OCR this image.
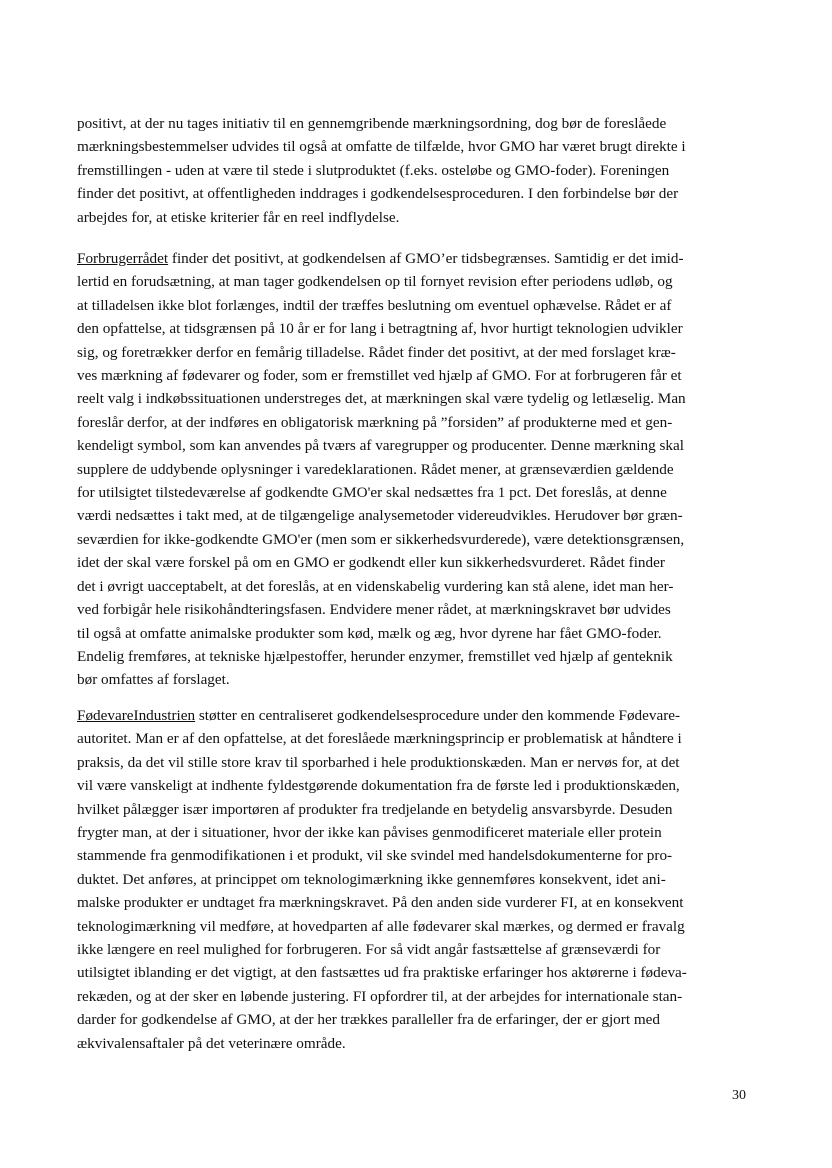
positivt, at der nu tages initiativ til en gennemgribende mærkningsordning, dog bør de foreslåede
mærkningsbestemmelser udvides til også at omfatte de tilfælde, hvor GMO har været brugt direkte i
fremstillingen - uden at være til stede i slutproduktet (f.eks. osteløbe og GMO-foder). Foreningen
finder det positivt, at offentligheden inddrages i godkendelsesproceduren. I den forbindelse bør der
arbejdes for, at etiske kriterier får en reel indflydelse.
Forbrugerrådet finder det positivt, at godkendelsen af GMO’er tidsbegrænses. Samtidig er det imid-
lertid en forudsætning, at man tager godkendelsen op til fornyet revision efter periodens udløb, og
at tilladelsen ikke blot forlænges, indtil der træffes beslutning om eventuel ophævelse. Rådet er af
den opfattelse, at tidsgrænsen på 10 år er for lang i betragtning af, hvor hurtigt teknologien udvikler
sig, og foretrækker derfor en femårig tilladelse. Rådet finder det positivt, at der med forslaget kræ-
ves mærkning af fødevarer og foder, som er fremstillet ved hjælp af GMO. For at forbrugeren får et
reelt valg i indkøbssituationen understreges det, at mærkningen skal være tydelig og letlæselig. Man
foreslår derfor, at der indføres en obligatorisk mærkning på ”forsiden” af produkterne med et gen-
kendeligt symbol, som kan anvendes på tværs af varegrupper og producenter. Denne mærkning skal
supplere de uddybende oplysninger i varedeklarationen. Rådet mener, at grænseværdien gældende
for utilsigtet tilstedeværelse af godkendte GMO'er skal nedsættes fra 1 pct. Det foreslås, at denne
værdi nedsættes i takt med, at de tilgængelige analysemetoder videreudvikles. Herudover bør græn-
seværdien for ikke-godkendte GMO'er (men som er sikkerhedsvurderede), være detektionsgrænsen,
idet der skal være forskel på om en GMO er godkendt eller kun sikkerhedsvurderet. Rådet finder
det i øvrigt uacceptabelt, at det foreslås, at en videnskabelig vurdering kan stå alene, idet man her-
ved forbigår hele risikohåndteringsfasen. Endvidere mener rådet, at mærkningskravet bør udvides
til også at omfatte animalske produkter som kød, mælk og æg, hvor dyrene har fået GMO-foder.
Endelig fremføres, at tekniske hjælpestoffer, herunder enzymer, fremstillet ved hjælp af genteknik
bør omfattes af forslaget.
FødevareIndustrien støtter en centraliseret godkendelsesprocedure under den kommende Fødevare-
autoritet. Man er af den opfattelse, at det foreslåede mærkningsprincip er problematisk at håndtere i
praksis, da det vil stille store krav til sporbarhed i hele produktionskæden. Man er nervøs for, at det
vil være vanskeligt at indhente fyldestgørende dokumentation fra de første led i produktionskæden,
hvilket pålægger især importøren af produkter fra tredjelande en betydelig ansvarsbyrde. Desuden
frygter man, at der i situationer, hvor der ikke kan påvises genmodificeret materiale eller protein
stammende fra genmodifikationen i et produkt, vil ske svindel med handelsdokumenterne for pro-
duktet. Det anføres, at princippet om teknologimærkning ikke gennemføres konsekvent, idet ani-
malske produkter er undtaget fra mærkningskravet. På den anden side vurderer FI, at en konsekvent
teknologimærkning vil medføre, at hovedparten af alle fødevarer skal mærkes, og dermed er fravalg
ikke længere en reel mulighed for forbrugeren. For så vidt angår fastsættelse af grænseværdi for
utilsigtet iblanding er det vigtigt, at den fastsættes ud fra praktiske erfaringer hos aktørerne i fødeva-
rekæden, og at der sker en løbende justering. FI opfordrer til, at der arbejdes for internationale stan-
darder for godkendelse af GMO, at der her trækkes paralleller fra de erfaringer, der er gjort med
ækvivalensaftaler på det veterinære område.
30
